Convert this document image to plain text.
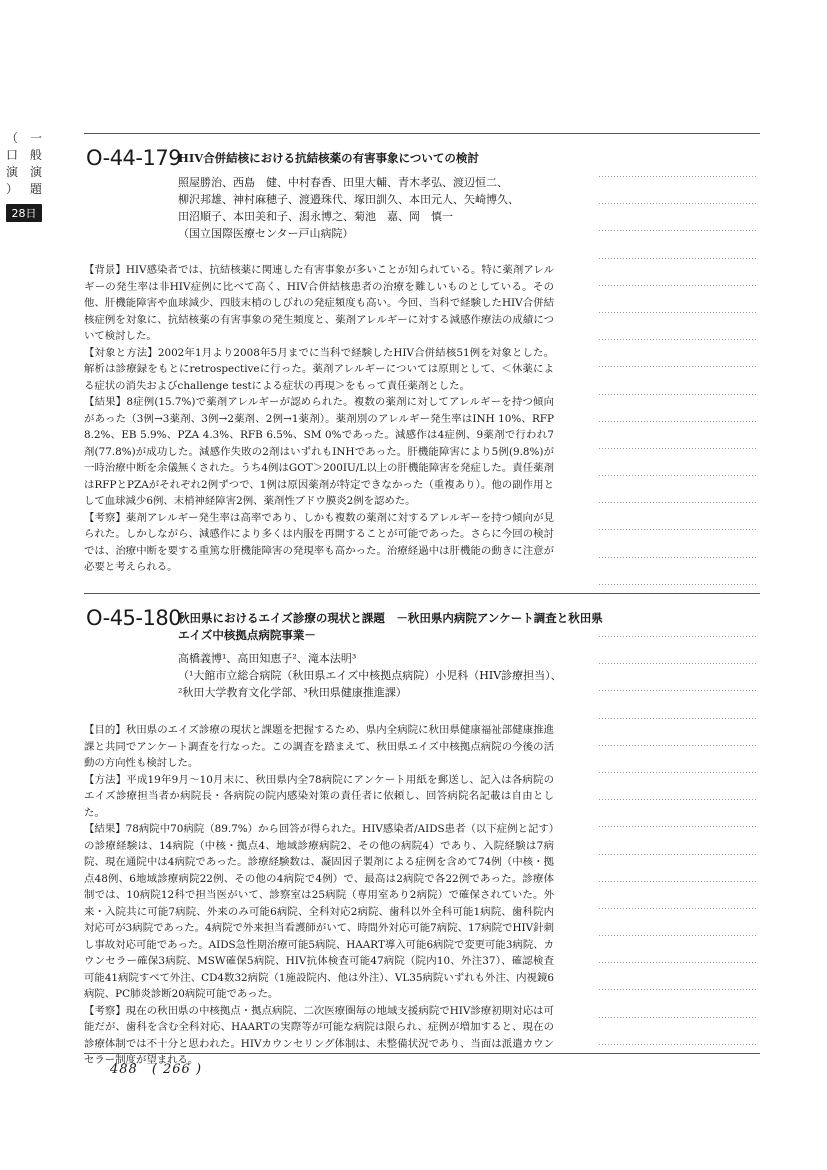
（
口
演
）
一
般
演
題
28日
O-44-179
HIV合併結核における抗結核薬の有害事象についての検討
照屋勝治、西島　健、中村春香、田里大輔、青木孝弘、渡辺恒二、
柳沢邦雄、神村麻穂子、渡邉珠代、塚田訓久、本田元人、矢崎博久、
田沼順子、本田美和子、潟永博之、菊池　嘉、岡　慎一
（国立国際医療センター戸山病院）

【背景】HIV感染者では、抗結核薬に関連した有害事象が多いことが知られている。特に薬剤アレルギーの発生率は非HIV症例に比べて高く、HIV合併結核患者の治療を難しいものとしている。その他、肝機能障害や血球減少、四肢末梢のしびれの発症頻度も高い。今回、当科で経験したHIV合併結核症例を対象に、抗結核薬の有害事象の発生頻度と、薬剤アレルギーに対する減感作療法の成績について検討した。

【対象と方法】2002年1月より2008年5月までに当科で経験したHIV合併結核51例を対象とした。解析は診療録をもとにretrospectiveに行った。薬剤アレルギーについては原則として、＜休薬による症状の消失およびchallenge testによる症状の再現＞をもって責任薬剤とした。

【結果】8症例(15.7%)で薬剤アレルギーが認められた。複数の薬剤に対してアレルギーを持つ傾向があった（3例→3薬剤、3例→2薬剤、2例→1薬剤）。薬剤別のアレルギー発生率はINH 10%、RFP 8.2%、EB 5.9%、PZA 4.3%、RFB 6.5%、SM 0%であった。減感作は4症例、9薬剤で行われ7剤(77.8%)が成功した。減感作失敗の2剤はいずれもINHであった。肝機能障害により5例(9.8%)が一時治療中断を余儀無くされた。うち4例はGOT＞200IU/L以上の肝機能障害を発症した。責任薬剤はRFPとPZAがそれぞれ2例ずつで、1例は原因薬剤が特定できなかった（重複あり）。他の副作用として血球減少6例、末梢神経障害2例、薬剤性ブドウ膜炎2例を認めた。

【考察】薬剤アレルギー発生率は高率であり、しかも複数の薬剤に対するアレルギーを持つ傾向が見られた。しかしながら、減感作により多くは内服を再開することが可能であった。さらに今回の検討では、治療中断を要する重篤な肝機能障害の発現率も高かった。治療経過中は肝機能の動きに注意が必要と考えられる。

O-45-180
秋田県におけるエイズ診療の現状と課題　－秋田県内病院アンケート調査と秋田県エイズ中核拠点病院事業－
高橋義博¹、高田知恵子²、滝本法明³
（¹大館市立総合病院（秋田県エイズ中核拠点病院）小児科（HIV診療担当）、
²秋田大学教育文化学部、³秋田県健康推進課）

【目的】秋田県のエイズ診療の現状と課題を把握するため、県内全病院に秋田県健康福祉部健康推進課と共同でアンケート調査を行なった。この調査を踏まえて、秋田県エイズ中核拠点病院の今後の活動の方向性も検討した。

【方法】平成19年9月〜10月末に、秋田県内全78病院にアンケート用紙を郵送し、記入は各病院のエイズ診療担当者か病院長・各病院の院内感染対策の責任者に依頼し、回答病院名記載は自由とした。

【結果】78病院中70病院（89.7%）から回答が得られた。HIV感染者/AIDS患者（以下症例と記す）の診療経験は、14病院（中核・拠点4、地域診療病院2、その他の病院4）であり、入院経験は7病院、現在通院中は4病院であった。診療経験数は、凝固因子製剤による症例を含めて74例（中核・拠点48例、6地域診療病院22例、その他の4病院で4例）で、最高は2病院で各22例であった。診療体制では、10病院12科で担当医がいて、診察室は25病院（専用室あり2病院）で確保されていた。外来・入院共に可能7病院、外来のみ可能6病院、全科対応2病院、歯科以外全科可能1病院、歯科院内対応可が3病院であった。4病院で外来担当看護師がいて、時間外対応可能7病院、17病院でHIV針刺し事故対応可能であった。AIDS急性期治療可能5病院、HAART導入可能6病院で変更可能3病院、カウンセラー確保3病院、MSW確保5病院、HIV抗体検査可能47病院（院内10、外注37）、確認検査可能41病院すべて外注、CD4数32病院（1施設院内、他は外注）、VL35病院いずれも外注、内視鏡6病院、PC肺炎診断20病院可能であった。

【考察】現在の秋田県の中核拠点・拠点病院、二次医療圏毎の地域支援病院でHIV診療初期対応は可能だが、歯科を含む全科対応、HAARTの実際等が可能な病院は限られ、症例が増加すると、現在の診療体制では不十分と思われた。HIVカウンセリング体制は、未整備状況であり、当面は派遣カウンセラー制度が望まれる。

488　( 266 )
